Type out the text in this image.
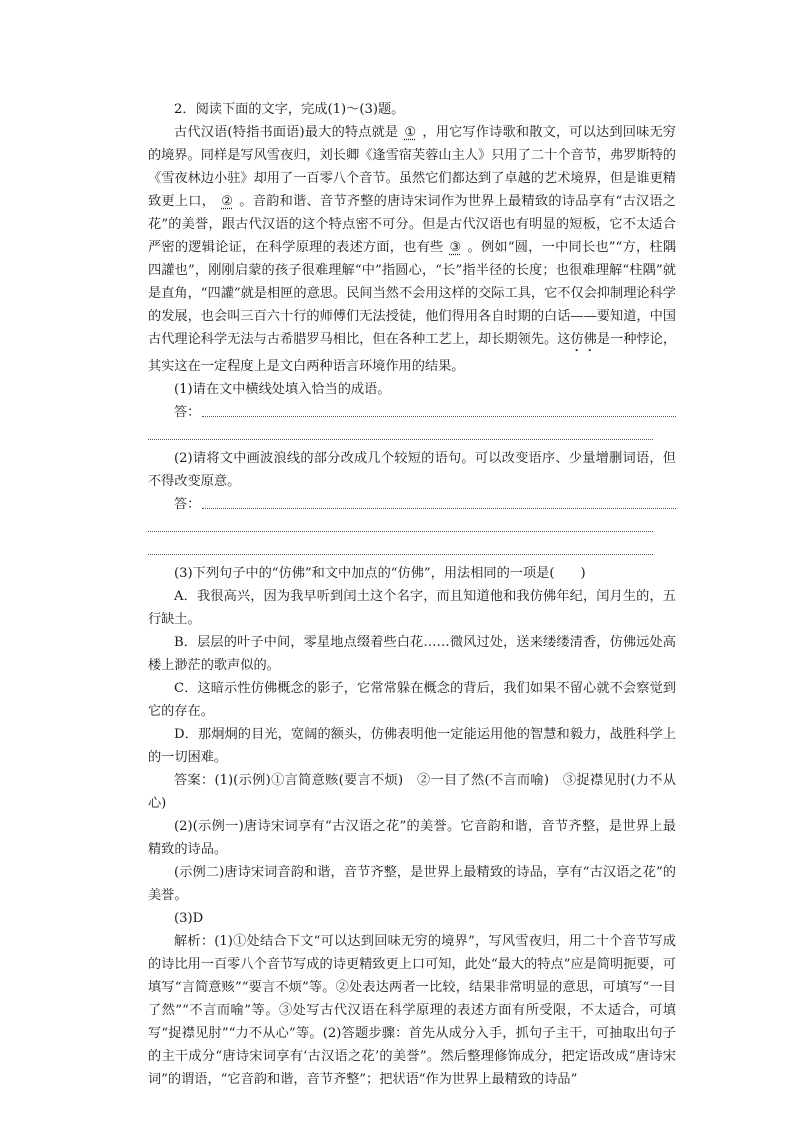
2．阅读下面的文字，完成(1)～(3)题。

古代汉语(特指书面语)最大的特点就是 ① ，用它写作诗歌和散文，可以达到回味无穷的境界。同样是写风雪夜归，刘长卿《逢雪宿芙蓉山主人》只用了二十个音节，弗罗斯特的《雪夜林边小驻》却用了一百零八个音节。虽然它们都达到了卓越的艺术境界，但是谁更精致更上口， ② 。音韵和谐、音节齐整的唐诗宋词作为世界上最精致的诗品享有“古汉语之花”的美誉，跟古代汉语的这个特点密不可分。但是古代汉语也有明显的短板，它不太适合严密的逻辑论证，在科学原理的表述方面，也有些 ③ 。例如“圆，一中同长也”“方，柱隅四讙也”，刚刚启蒙的孩子很难理解“中”指圆心，“长”指半径的长度；也很难理解“柱隅”就是直角，“四讙”就是相匣的意思。民间当然不会用这样的交际工具，它不仅会抑制理论科学的发展，也会叫三百六十行的师傅们无法授徒，他们得用各自时期的白话——要知道，中国古代理论科学无法与古希腊罗马相比，但在各种工艺上，却长期领先。这仿佛是一种悖论，其实这在一定程度上是文白两种语言环境作用的结果。

(1)请在文中横线处填入恰当的成语。

答：

(2)请将文中画波浪线的部分改成几个较短的语句。可以改变语序、少量增删词语，但不得改变原意。

答：

(3)下列句子中的“仿佛”和文中加点的“仿佛”，用法相同的一项是( )

A．我很高兴，因为我早听到闰土这个名字，而且知道他和我仿佛年纪，闰月生的，五行缺土。

B．层层的叶子中间，零星地点缀着些白花……微风过处，送来缕缕清香，仿佛远处高楼上渺茫的歌声似的。

C．这暗示性仿佛概念的影子，它常常躲在概念的背后，我们如果不留心就不会察觉到它的存在。

D．那炯炯的目光，宽阔的额头，仿佛表明他一定能运用他的智慧和毅力，战胜科学上的一切困难。

答案：(1)(示例)①言简意赅(要言不烦)　②一目了然(不言而喻)　③捉襟见肘(力不从心)

(2)(示例一)唐诗宋词享有“古汉语之花”的美誉。它音韵和谐，音节齐整，是世界上最精致的诗品。

(示例二)唐诗宋词音韵和谐，音节齐整，是世界上最精致的诗品，享有“古汉语之花”的美誉。

(3)D

解析：(1)①处结合下文“可以达到回味无穷的境界”，写风雪夜归，用二十个音节写成的诗比用一百零八个音节写成的诗更精致更上口可知，此处“最大的特点”应是简明扼要，可填写“言简意赅”“要言不烦”等。②处表达两者一比较，结果非常明显的意思，可填写“一目了然”“不言而喻”等。③处写古代汉语在科学原理的表述方面有所受限，不太适合，可填写“捉襟见肘”“力不从心”等。(2)答题步骤：首先从成分入手，抓句子主干，可抽取出句子的主干成分“唐诗宋词享有‘古汉语之花’的美誉”。然后整理修饰成分，把定语改成“唐诗宋词”的谓语，“它音韵和谐，音节齐整”；把状语“作为世界上最精致的诗品”
